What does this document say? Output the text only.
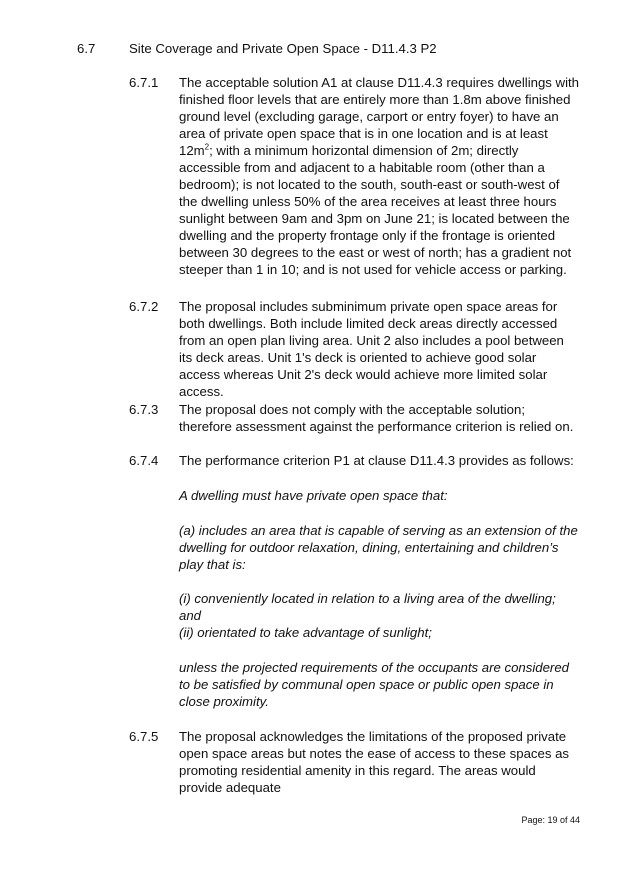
6.7	Site Coverage and Private Open Space - D11.4.3 P2
6.7.1 The acceptable solution A1 at clause D11.4.3 requires dwellings with finished floor levels that are entirely more than 1.8m above finished ground level (excluding garage, carport or entry foyer) to have an area of private open space that is in one location and is at least $12m^2$; with a minimum horizontal dimension of 2m; directly accessible from and adjacent to a habitable room (other than a bedroom); is not located to the south, south-east or south-west of the dwelling unless 50% of the area receives at least three hours sunlight between 9am and 3pm on June 21; is located between the dwelling and the property frontage only if the frontage is oriented between 30 degrees to the east or west of north; has a gradient not steeper than 1 in 10; and is not used for vehicle access or parking.
6.7.2 The proposal includes subminimum private open space areas for both dwellings. Both include limited deck areas directly accessed from an open plan living area. Unit 2 also includes a pool between its deck areas. Unit 1's deck is oriented to achieve good solar access whereas Unit 2's deck would achieve more limited solar access.
6.7.3 The proposal does not comply with the acceptable solution; therefore assessment against the performance criterion is relied on.
6.7.4 The performance criterion P1 at clause D11.4.3 provides as follows:
A dwelling must have private open space that:
(a) includes an area that is capable of serving as an extension of the dwelling for outdoor relaxation, dining, entertaining and children’s play that is:
(i) conveniently located in relation to a living area of the dwelling; and
(ii) orientated to take advantage of sunlight;
unless the projected requirements of the occupants are considered to be satisfied by communal open space or public open space in close proximity.
6.7.5 The proposal acknowledges the limitations of the proposed private open space areas but notes the ease of access to these spaces as promoting residential amenity in this regard. The areas would provide adequate
Page: 19 of 44
